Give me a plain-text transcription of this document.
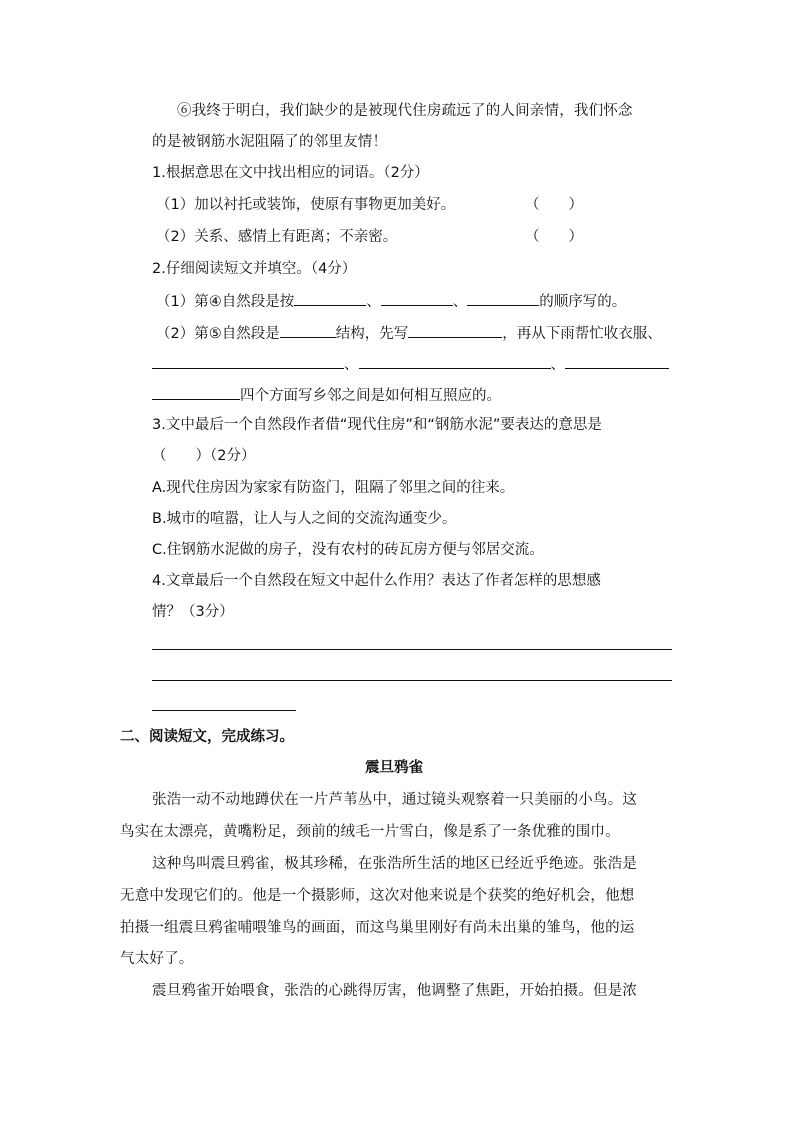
⑥我终于明白，我们缺少的是被现代住房疏远了的人间亲情，我们怀念
的是被钢筋水泥阻隔了的邻里友情！
1.根据意思在文中找出相应的词语。（2分）
（1）加以衬托或装饰，使原有事物更加美好。	（　　）
（2）关系、感情上有距离；不亲密。	（　　）
2.仔细阅读短文并填空。（4分）
（1）第④自然段是按	、	、	的顺序写的。
（2）第⑤自然段是	结构，先写	，再从下雨帮忙收衣服、
、	、
四个方面写乡邻之间是如何相互照应的。
3.文中最后一个自然段作者借“现代住房”和“钢筋水泥”要表达的意思是
（　　）（2分）
A.现代住房因为家家有防盗门，阻隔了邻里之间的往来。
B.城市的喧嚣，让人与人之间的交流沟通变少。
C.住钢筋水泥做的房子，没有农村的砖瓦房方便与邻居交流。
4.文章最后一个自然段在短文中起什么作用？表达了作者怎样的思想感
情？（3分）
二、阅读短文，完成练习。
震旦鸦雀
张浩一动不动地蹲伏在一片芦苇丛中，通过镜头观察着一只美丽的小鸟。这
鸟实在太漂亮，黄嘴粉足，颈前的绒毛一片雪白，像是系了一条优雅的围巾。
这种鸟叫震旦鸦雀，极其珍稀，在张浩所生活的地区已经近乎绝迹。张浩是
无意中发现它们的。他是一个摄影师，这次对他来说是个获奖的绝好机会，他想
拍摄一组震旦鸦雀哺喂雏鸟的画面，而这鸟巢里刚好有尚未出巢的雏鸟，他的运
气太好了。
震旦鸦雀开始喂食，张浩的心跳得厉害，他调整了焦距，开始拍摄。但是浓
